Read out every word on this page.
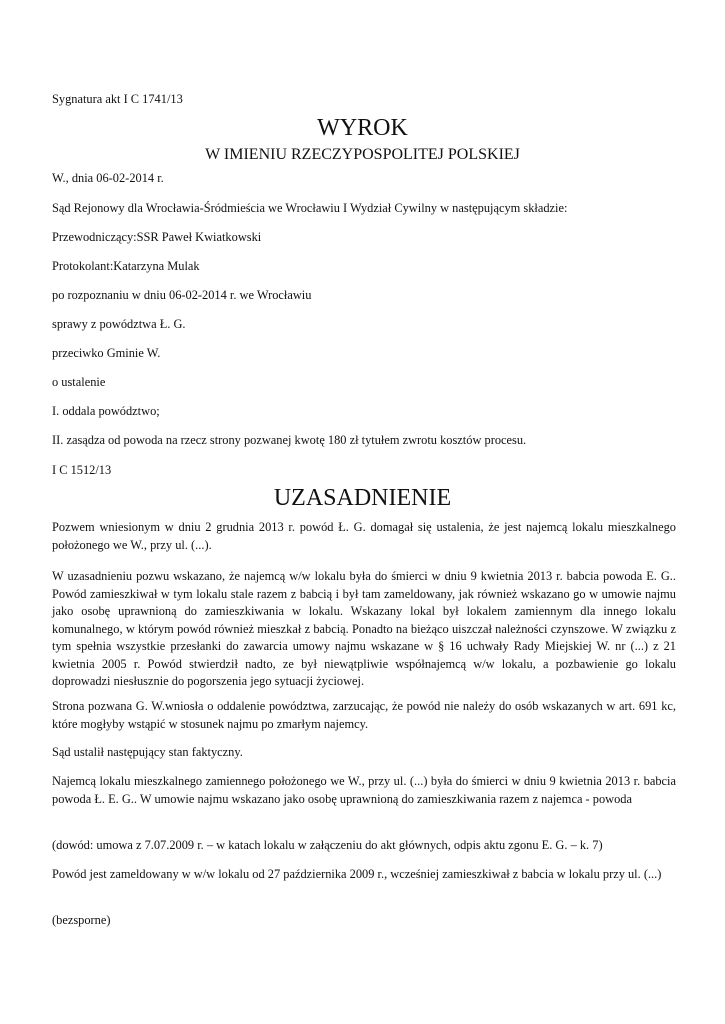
Sygnatura akt I C 1741/13

WYROK
W IMIENIU RZECZYPOSPOLITEJ POLSKIEJ

W., dnia 06-02-2014 r.

Sąd Rejonowy dla Wrocławia-Śródmieścia we Wrocławiu I Wydział Cywilny w następującym składzie:

Przewodniczący:SSR Paweł Kwiatkowski

Protokolant:Katarzyna Mulak

po rozpoznaniu w dniu 06-02-2014 r. we Wrocławiu

sprawy z powództwa Ł. G.

przeciwko Gminie W.

o ustalenie

I. oddala powództwo;

II. zasądza od powoda na rzecz strony pozwanej kwotę 180 zł tytułem zwrotu kosztów procesu.

I C 1512/13

UZASADNIENIE

Pozwem wniesionym w dniu 2 grudnia 2013 r. powód Ł. G. domagał się ustalenia, że jest najemcą lokalu mieszkalnego położonego we W., przy ul. (...).

W uzasadnieniu pozwu wskazano, że najemcą w/w lokalu była do śmierci w dniu 9 kwietnia 2013 r. babcia powoda E. G.. Powód zamieszkiwał w tym lokalu stale razem z babcią i był tam zameldowany, jak również wskazano go w umowie najmu jako osobę uprawnioną do zamieszkiwania w lokalu. Wskazany lokal był lokalem zamiennym dla innego lokalu komunalnego, w którym powód również mieszkał z babcią. Ponadto na bieżąco uiszczał należności czynszowe. W związku z tym spełnia wszystkie przesłanki do zawarcia umowy najmu wskazane w § 16 uchwały Rady Miejskiej W. nr (...) z 21 kwietnia 2005 r. Powód stwierdził nadto, ze był niewątpliwie współnajemcą w/w lokalu, a pozbawienie go lokalu doprowadzi niesłusznie do pogorszenia jego sytuacji życiowej.

Strona pozwana G. W.wniosła o oddalenie powództwa, zarzucając, że powód nie należy do osób wskazanych w art. 691 kc, które mogłyby wstąpić w stosunek najmu po zmarłym najemcy.

Sąd ustalił następujący stan faktyczny.

Najemcą lokalu mieszkalnego zamiennego położonego we W., przy ul. (...) była do śmierci w dniu 9 kwietnia 2013 r. babcia powoda Ł. E. G.. W umowie najmu wskazano jako osobę uprawnioną do zamieszkiwania razem z najemca - powoda

(dowód: umowa z 7.07.2009 r. – w katach lokalu w załączeniu do akt głównych, odpis aktu zgonu E. G. – k. 7)

Powód jest zameldowany w w/w lokalu od 27 października 2009 r., wcześniej zamieszkiwał z babcia w lokalu przy ul. (...)

(bezsporne)
